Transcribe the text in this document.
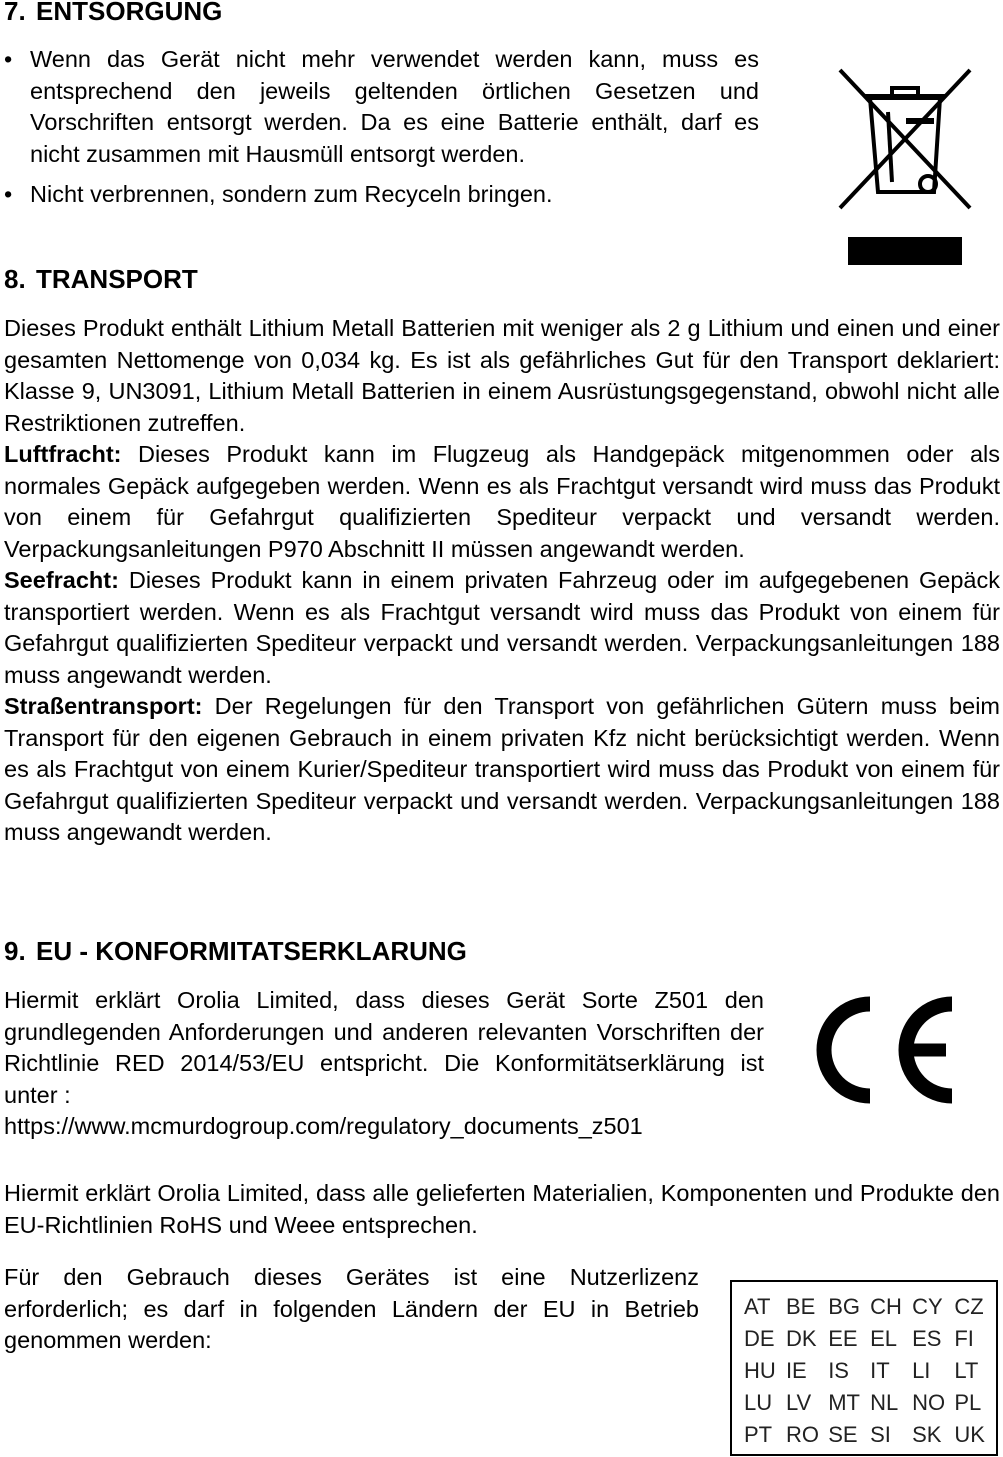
7. ENTSORGUNG
• Wenn das Gerät nicht mehr verwendet werden kann, muss es entsprechend den jeweils geltenden örtlichen Gesetzen und Vorschriften entsorgt werden. Da es eine Batterie enthält, darf es nicht zusammen mit Hausmüll entsorgt werden.
• Nicht verbrennen, sondern zum Recyceln bringen.
8. TRANSPORT

Dieses Produkt enthält Lithium Metall Batterien mit weniger als 2 g Lithium und einen und einer gesamten Nettomenge von 0,034 kg. Es ist als gefährliches Gut für den Transport deklariert: Klasse 9, UN3091, Lithium Metall Batterien in einem Ausrüstungsgegenstand, obwohl nicht alle Restriktionen zutreffen.

Luftfracht: Dieses Produkt kann im Flugzeug als Handgepäck mitgenommen oder als normales Gepäck aufgegeben werden. Wenn es als Frachtgut versandt wird muss das Produkt von einem für Gefahrgut qualifizierten Spediteur verpackt und versandt werden. Verpackungsanleitungen P970 Abschnitt II müssen angewandt werden.

Seefracht: Dieses Produkt kann in einem privaten Fahrzeug oder im aufgegebenen Gepäck transportiert werden. Wenn es als Frachtgut versandt wird muss das Produkt von einem für Gefahrgut qualifizierten Spediteur verpackt und versandt werden. Verpackungsanleitungen 188 muss angewandt werden.

Straßentransport: Der Regelungen für den Transport von gefährlichen Gütern muss beim Transport für den eigenen Gebrauch in einem privaten Kfz nicht berücksichtigt werden. Wenn es als Frachtgut von einem Kurier/Spediteur transportiert wird muss das Produkt von einem für Gefahrgut qualifizierten Spediteur verpackt und versandt werden. Verpackungsanleitungen 188 muss angewandt werden.

9. EU - KONFORMITATSERKLARUNG

Hiermit erklärt Orolia Limited, dass dieses Gerät Sorte Z501 den grundlegenden Anforderungen und anderen relevanten Vorschriften der Richtlinie RED 2014/53/EU entspricht. Die Konformitätserklärung ist unter :

https://www.mcmurdogroup.com/regulatory_documents_z501

Hiermit erklärt Orolia Limited, dass alle gelieferten Materialien, Komponenten und Produkte den EU-Richtlinien RoHS und Weee entsprechen.

Für den Gebrauch dieses Gerätes ist eine Nutzerlizenz erforderlich; es darf in folgenden Ländern der EU in Betrieb genommen werden:

AT	BE	BG	CH	CY	CZ
DE	DK	EE	EL	ES	FI
HU	IE	IS	IT	LI	LT
LU	LV	MT	NL	NO	PL
PT	RO	SE	SI	SK	UK
